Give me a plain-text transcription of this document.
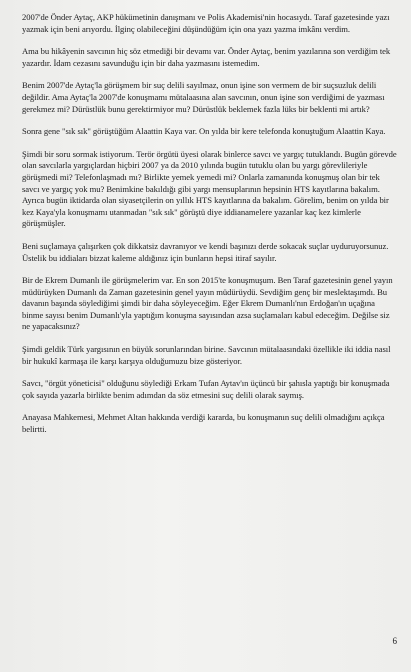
2007'de Önder Aytaç, AKP hükümetinin danışmanı ve Polis Akademisi'nin hocasıydı. Taraf gazetesinde yazı yazmak için beni arıyordu. İlginç olabileceğini düşündüğüm için ona yazı yazma imkânı verdim.

Ama bu hikâyenin savcının hiç söz etmediği bir devamı var. Önder Aytaç, benim yazılarına son verdiğim tek yazardır. İdam cezasını savunduğu için bir daha yazmasını istemedim.

Benim 2007'de Aytaç'la görüşmem bir suç delili sayılmaz, onun işine son vermem de bir suçsuzluk delili değildir. Ama Aytaç'la 2007'de konuşmamı mütalaasına alan savcının, onun işine son verdiğimi de yazması gerekmez mi? Dürüstlük bunu gerektirmiyor mu? Dürüstlük beklemek fazla lüks bir beklenti mi artık?

Sonra gene "sık sık" görüştüğüm Alaattin Kaya var. On yılda bir kere telefonda konuştuğum Alaattin Kaya.

Şimdi bir soru sormak istiyorum. Terör örgütü üyesi olarak binlerce savcı ve yargıç tutuklandı. Bugün görevde olan savcılarla yargıçlardan hiçbiri 2007 ya da 2010 yılında bugün tutuklu olan bu yargı görevlileriyle görüşmedi mi? Telefonlaşmadı mı? Birlikte yemek yemedi mi? Onlarla zamanında konuşmuş olan bir tek savcı ve yargıç yok mu? Benimkine bakıldığı gibi yargı mensuplarının hepsinin HTS kayıtlarına bakalım. Ayrıca bugün iktidarda olan siyasetçilerin on yıllık HTS kayıtlarına da bakalım. Görelim, benim on yılda bir kez Kaya'yla konuşmamı utanmadan "sık sık" görüştü diye iddianamelere yazanlar kaç kez kimlerle görüşmüşler.

Beni suçlamaya çalışırken çok dikkatsiz davranıyor ve kendi başınızı derde sokacak suçlar uyduruyorsunuz. Üstelik bu iddiaları bizzat kaleme aldığınız için bunların hepsi itiraf sayılır.

Bir de Ekrem Dumanlı ile görüşmelerim var. En son 2015'te konuşmuşum. Ben Taraf gazetesinin genel yayın müdürüyken Dumanlı da Zaman gazetesinin genel yayın müdürüydü. Sevdiğim genç bir meslektaşımdı. Bu davanın başında söylediğimi şimdi bir daha söyleyeceğim. Eğer Ekrem Dumanlı'nın Erdoğan'ın uçağına binme sayısı benim Dumanlı'yla yaptığım konuşma sayısından azsa suçlamaları kabul edeceğim. Değilse siz ne yapacaksınız?

Şimdi geldik Türk yargısının en büyük sorunlarından birine. Savcının mütalaasındaki özellikle iki iddia nasıl bir hukukî karmaşa ile karşı karşıya olduğumuzu bize gösteriyor.

Savcı, "örgüt yöneticisi" olduğunu söylediği Erkam Tufan Aytav'ın üçüncü bir şahısla yaptığı bir konuşmada çok sayıda yazarla birlikte benim adımdan da söz etmesini suç delili olarak saymış.

Anayasa Mahkemesi, Mehmet Altan hakkında verdiği kararda, bu konuşmanın suç delili olmadığını açıkça belirtti.

6
